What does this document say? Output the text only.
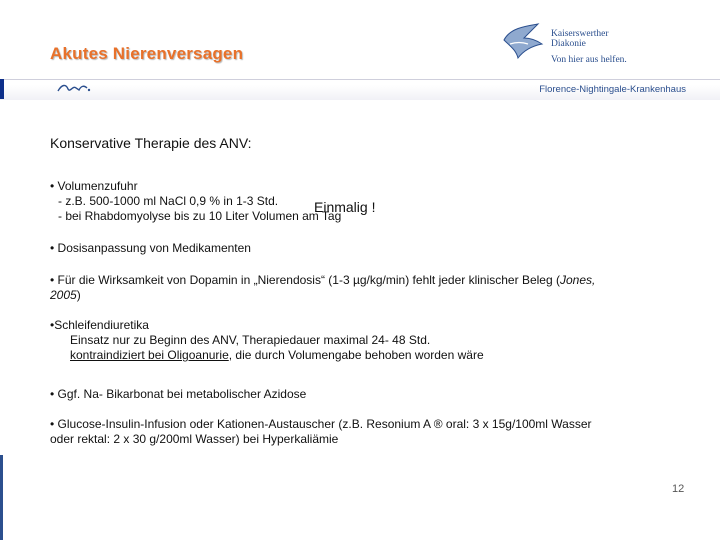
Akutes Nierenversagen
Kaiserswerther
Diakonie
Von hier aus helfen.
Florence-Nightingale-Krankenhaus
Konservative Therapie des ANV:
• Volumenzufuhr
- z.B. 500-1000 ml NaCl 0,9 % in 1-3 Std.
- bei Rhabdomyolyse bis zu 10 Liter Volumen am Tag
• Dosisanpassung von Medikamenten
• Für die Wirksamkeit von Dopamin in „Nierendosis“ (1-3 µg/kg/min) fehlt jeder klinischer Beleg (Jones,
2005)
•Schleifendiuretika
Einsatz nur zu Beginn des ANV, Therapiedauer maximal 24- 48 Std.
kontraindiziert bei Oligoanurie, die durch Volumengabe behoben worden wäre
• Ggf. Na- Bikarbonat bei metabolischer Azidose
• Glucose-Insulin-Infusion oder Kationen-Austauscher (z.B. Resonium A ® oral: 3 x 15g/100ml Wasser
oder rektal: 2 x 30 g/200ml Wasser) bei Hyperkaliämie
Einmalig !
12
